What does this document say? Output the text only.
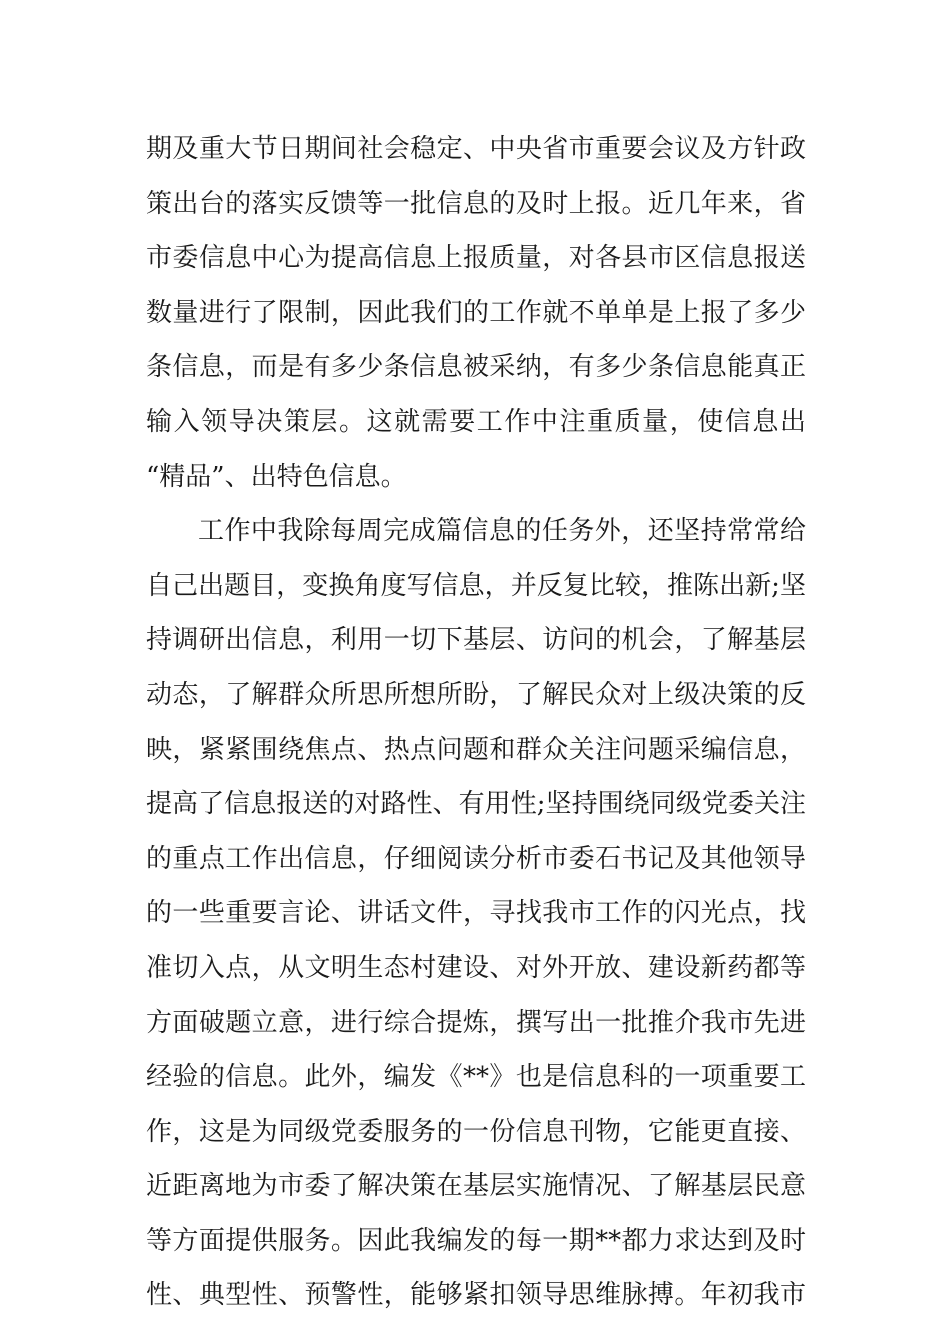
期及重大节日期间社会稳定、中央省市重要会议及方针政
策出台的落实反馈等一批信息的及时上报。近几年来，省
市委信息中心为提高信息上报质量，对各县市区信息报送
数量进行了限制，因此我们的工作就不单单是上报了多少
条信息，而是有多少条信息被采纳，有多少条信息能真正
输入领导决策层。这就需要工作中注重质量，使信息出
“精品”、出特色信息。
工作中我除每周完成篇信息的任务外，还坚持常常给
自己出题目，变换角度写信息，并反复比较，推陈出新;坚
持调研出信息，利用一切下基层、访问的机会，了解基层
动态，了解群众所思所想所盼，了解民众对上级决策的反
映，紧紧围绕焦点、热点问题和群众关注问题采编信息，
提高了信息报送的对路性、有用性;坚持围绕同级党委关注
的重点工作出信息，仔细阅读分析市委石书记及其他领导
的一些重要言论、讲话文件，寻找我市工作的闪光点，找
准切入点，从文明生态村建设、对外开放、建设新药都等
方面破题立意，进行综合提炼，撰写出一批推介我市先进
经验的信息。此外，编发《**》也是信息科的一项重要工
作，这是为同级党委服务的一份信息刊物，它能更直接、
近距离地为市委了解决策在基层实施情况、了解基层民意
等方面提供服务。因此我编发的每一期**都力求达到及时
性、典型性、预警性，能够紧扣领导思维脉搏。年初我市
